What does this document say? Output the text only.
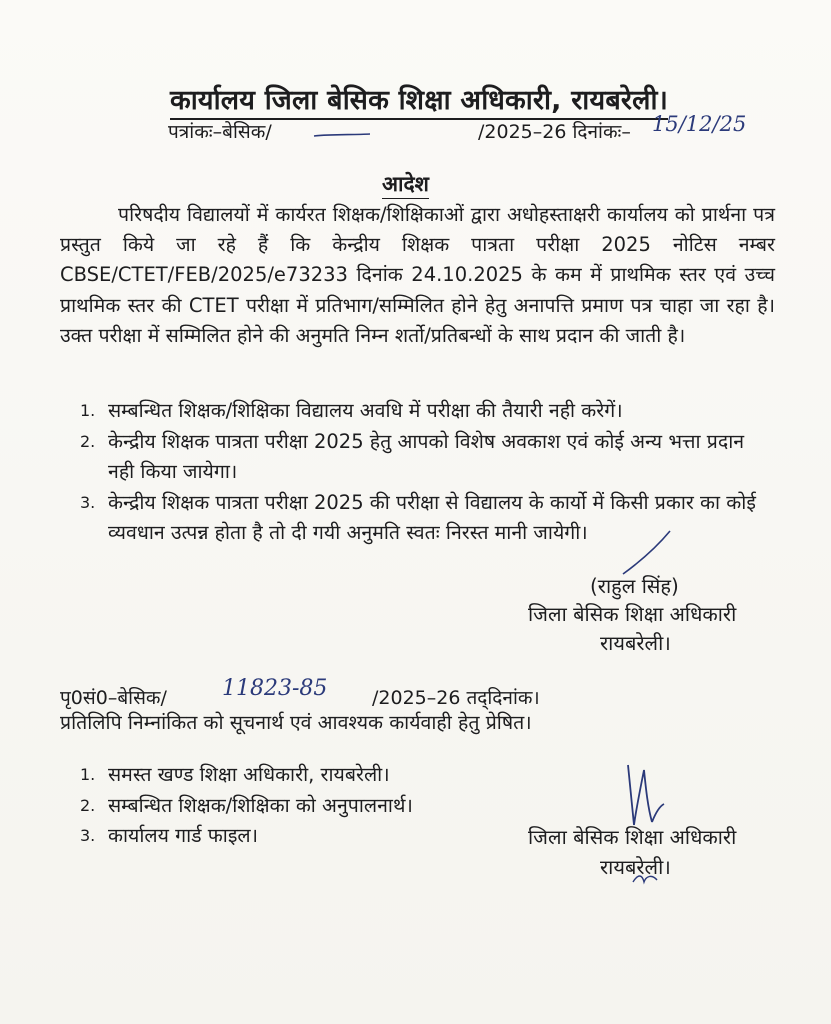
कार्यालय जिला बेसिक शिक्षा अधिकारी, रायबरेली।
पत्रांकः–बेसिक/	/2025–26 दिनांकः– 15/12/25
आदेश
परिषदीय विद्यालयों में कार्यरत शिक्षक/शिक्षिकाओं द्वारा अधोहस्ताक्षरी कार्यालय को प्रार्थना पत्र प्रस्तुत किये जा रहे हैं कि केन्द्रीय शिक्षक पात्रता परीक्षा 2025 नोटिस नम्बर CBSE/CTET/FEB/2025/e73233 दिनांक 24.10.2025 के कम में प्राथमिक स्तर एवं उच्च प्राथमिक स्तर की CTET परीक्षा में प्रतिभाग/सम्मिलित होने हेतु अनापत्ति प्रमाण पत्र चाहा जा रहा है। उक्त परीक्षा में सम्मिलित होने की अनुमति निम्न शर्तो/प्रतिबन्धों के साथ प्रदान की जाती है।
1. सम्बन्धित शिक्षक/शिक्षिका विद्यालय अवधि में परीक्षा की तैयारी नही करेगें।
2. केन्द्रीय शिक्षक पात्रता परीक्षा 2025 हेतु आपको विशेष अवकाश एवं कोई अन्य भत्ता प्रदान नही किया जायेगा।
3. केन्द्रीय शिक्षक पात्रता परीक्षा 2025 की परीक्षा से विद्यालय के कार्यो में किसी प्रकार का कोई व्यवधान उत्पन्न होता है तो दी गयी अनुमति स्वतः निरस्त मानी जायेगी।
(राहुल सिंह)
जिला बेसिक शिक्षा अधिकारी
रायबरेली।
पृ0सं0–बेसिक/	11823-85 /2025–26 तद्‌दिनांक।
प्रतिलिपि निम्नांकित को सूचनार्थ एवं आवश्यक कार्यवाही हेतु प्रेषित।
1. समस्त खण्ड शिक्षा अधिकारी, रायबरेली।
2. सम्बन्धित शिक्षक/शिक्षिका को अनुपालनार्थ।
3. कार्यालय गार्ड फाइल।	जिला बेसिक शिक्षा अधिकारी
रायबरेली।
